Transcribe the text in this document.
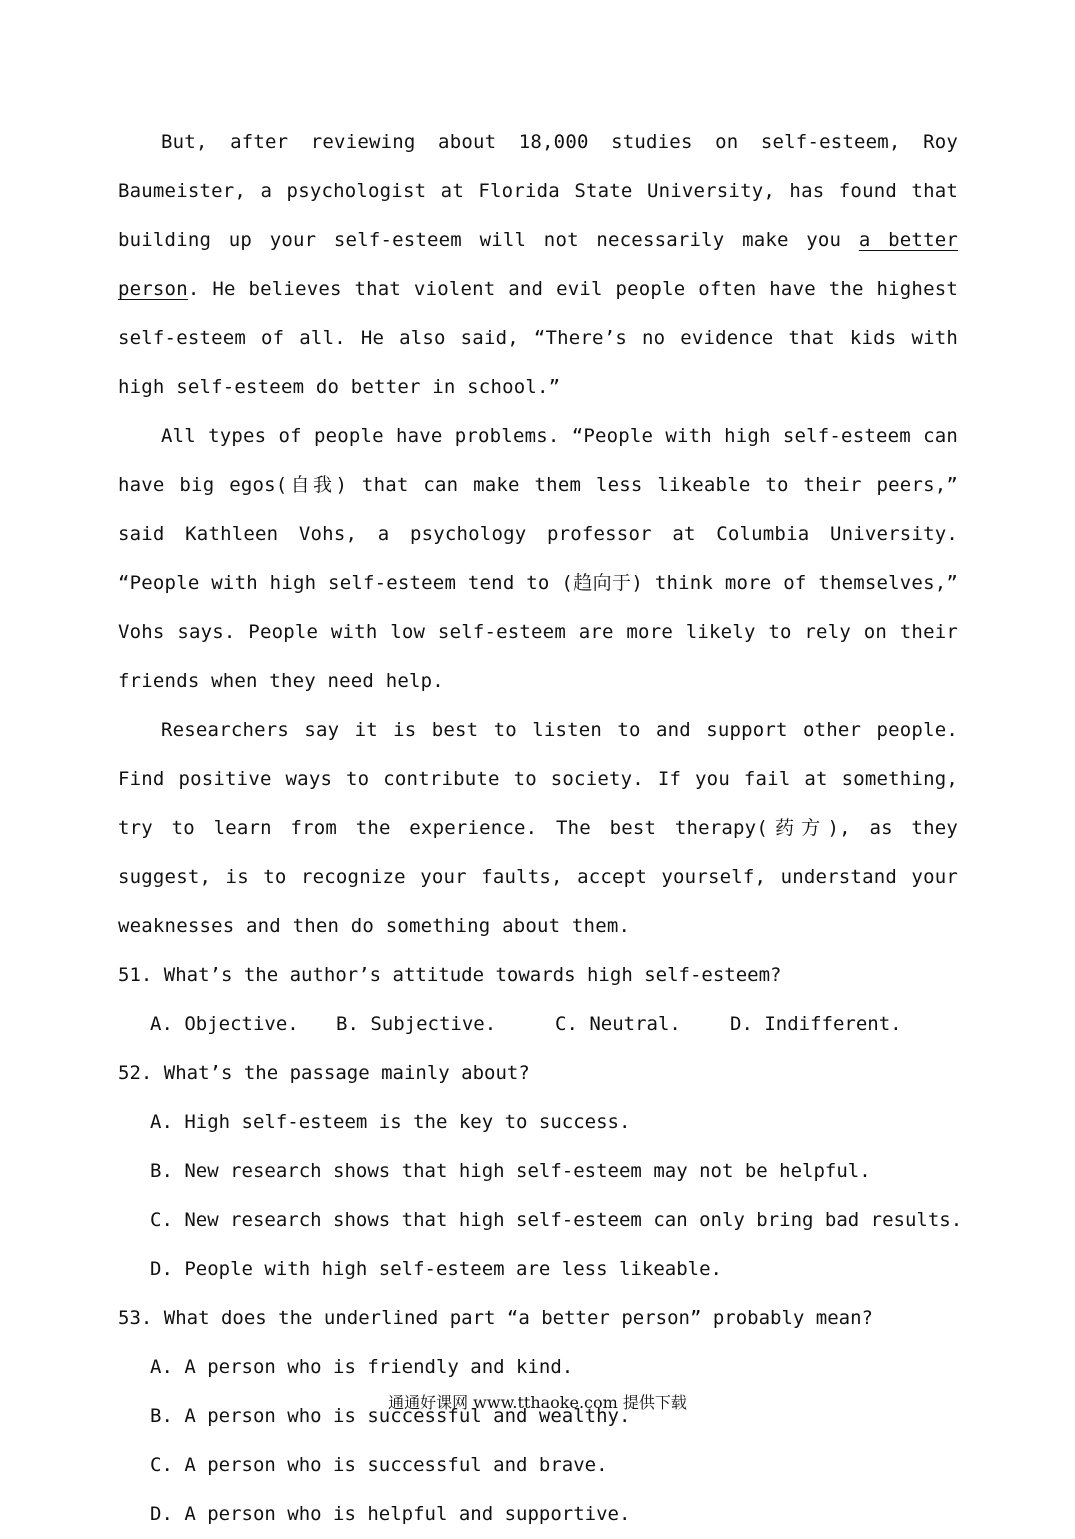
But, after reviewing about 18,000 studies on self-esteem, Roy Baumeister, a psychologist at Florida State University, has found that building up your self-esteem will not necessarily make you a better person. He believes that violent and evil people often have the highest self-esteem of all. He also said, “There’s no evidence that kids with high self-esteem do better in school.”

All types of people have problems. “People with high self-esteem can have big egos(自我) that can make them less likeable to their peers,” said Kathleen Vohs, a psychology professor at Columbia University. “People with high self-esteem tend to (趋向于) think more of themselves,” Vohs says. People with low self-esteem are more likely to rely on their friends when they need help.

Researchers say it is best to listen to and support other people. Find positive ways to contribute to society. If you fail at something, try to learn from the experience. The best therapy(药方), as they suggest, is to recognize your faults, accept yourself, understand your weaknesses and then do something about them.

51. What’s the author’s attitude towards high self-esteem?

A. Objective.	B. Subjective.	C. Neutral.	D. Indifferent.

52. What’s the passage mainly about?

A. High self-esteem is the key to success.

B. New research shows that high self-esteem may not be helpful.

C. New research shows that high self-esteem can only bring bad results.

D. People with high self-esteem are less likeable.

53. What does the underlined part “a better person” probably mean?

A. A person who is friendly and kind.

B. A person who is successful and wealthy.

C. A person who is successful and brave.

D. A person who is helpful and supportive.

通通好课网 www.tthaoke.com 提供下载
